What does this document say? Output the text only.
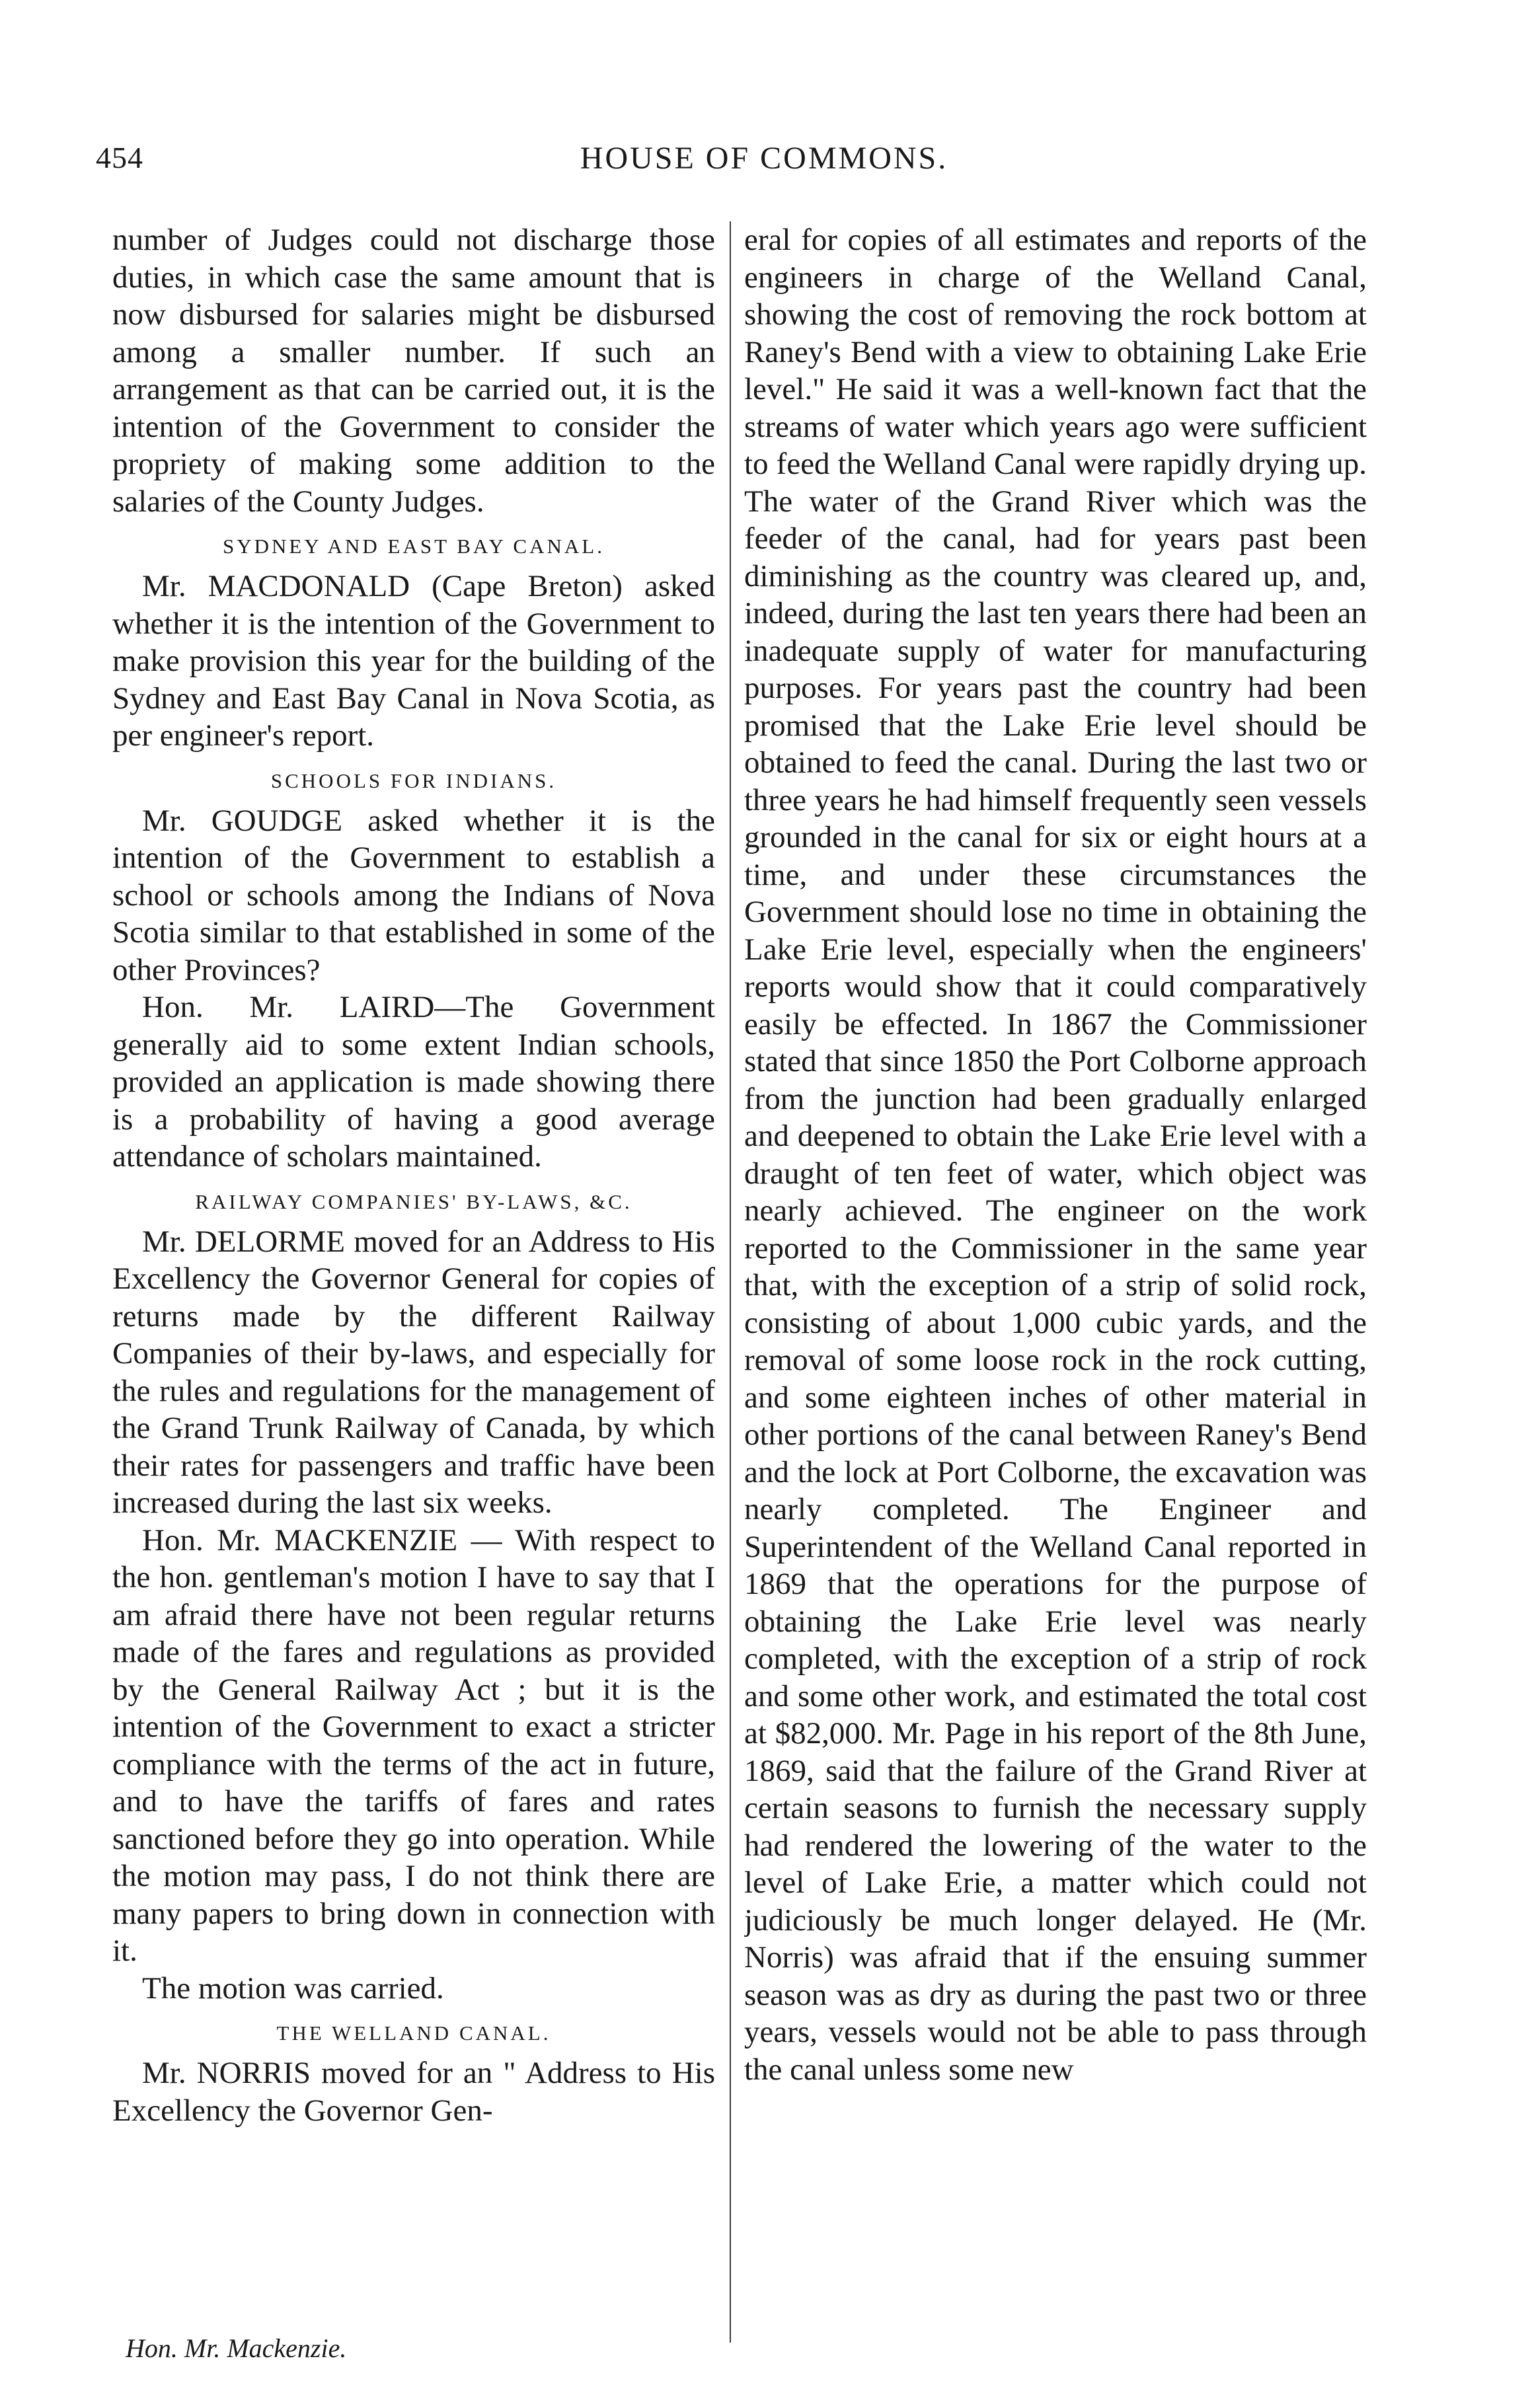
454	HOUSE OF COMMONS.

number of Judges could not discharge those duties, in which case the same amount that is now disbursed for salaries might be disbursed among a smaller number. If such an arrangement as that can be carried out, it is the intention of the Government to consider the propriety of making some addition to the salaries of the County Judges.

SYDNEY AND EAST BAY CANAL.

Mr. MACDONALD (Cape Breton) asked whether it is the intention of the Government to make provision this year for the building of the Sydney and East Bay Canal in Nova Scotia, as per engineer's report.

SCHOOLS FOR INDIANS.

Mr. GOUDGE asked whether it is the intention of the Government to establish a school or schools among the Indians of Nova Scotia similar to that established in some of the other Provinces?

Hon. Mr. LAIRD—The Government generally aid to some extent Indian schools, provided an application is made showing there is a probability of having a good average attendance of scholars maintained.

RAILWAY COMPANIES' BY-LAWS, &C.

Mr. DELORME moved for an Address to His Excellency the Governor General for copies of returns made by the different Railway Companies of their by-laws, and especially for the rules and regulations for the management of the Grand Trunk Railway of Canada, by which their rates for passengers and traffic have been increased during the last six weeks.

Hon. Mr. MACKENZIE — With respect to the hon. gentleman's motion I have to say that I am afraid there have not been regular returns made of the fares and regulations as provided by the General Railway Act ; but it is the intention of the Government to exact a stricter compliance with the terms of the act in future, and to have the tariffs of fares and rates sanctioned before they go into operation. While the motion may pass, I do not think there are many papers to bring down in connection with it.

The motion was carried.

THE WELLAND CANAL.

Mr. NORRIS moved for an " Address to His Excellency the Governor Gen-

eral for copies of all estimates and reports of the engineers in charge of the Welland Canal, showing the cost of removing the rock bottom at Raney's Bend with a view to obtaining Lake Erie level." He said it was a well-known fact that the streams of water which years ago were sufficient to feed the Welland Canal were rapidly drying up. The water of the Grand River which was the feeder of the canal, had for years past been diminishing as the country was cleared up, and, indeed, during the last ten years there had been an inadequate supply of water for manufacturing purposes. For years past the country had been promised that the Lake Erie level should be obtained to feed the canal. During the last two or three years he had himself frequently seen vessels grounded in the canal for six or eight hours at a time, and under these circumstances the Government should lose no time in obtaining the Lake Erie level, especially when the engineers' reports would show that it could comparatively easily be effected. In 1867 the Commissioner stated that since 1850 the Port Colborne approach from the junction had been gradually enlarged and deepened to obtain the Lake Erie level with a draught of ten feet of water, which object was nearly achieved. The engineer on the work reported to the Commissioner in the same year that, with the exception of a strip of solid rock, consisting of about 1,000 cubic yards, and the removal of some loose rock in the rock cutting, and some eighteen inches of other material in other portions of the canal between Raney's Bend and the lock at Port Colborne, the excavation was nearly completed. The Engineer and Superintendent of the Welland Canal reported in 1869 that the operations for the purpose of obtaining the Lake Erie level was nearly completed, with the exception of a strip of rock and some other work, and estimated the total cost at $82,000. Mr. Page in his report of the 8th June, 1869, said that the failure of the Grand River at certain seasons to furnish the necessary supply had rendered the lowering of the water to the level of Lake Erie, a matter which could not judiciously be much longer delayed. He (Mr. Norris) was afraid that if the ensuing summer season was as dry as during the past two or three years, vessels would not be able to pass through the canal unless some new

Hon. Mr. Mackenzie.
